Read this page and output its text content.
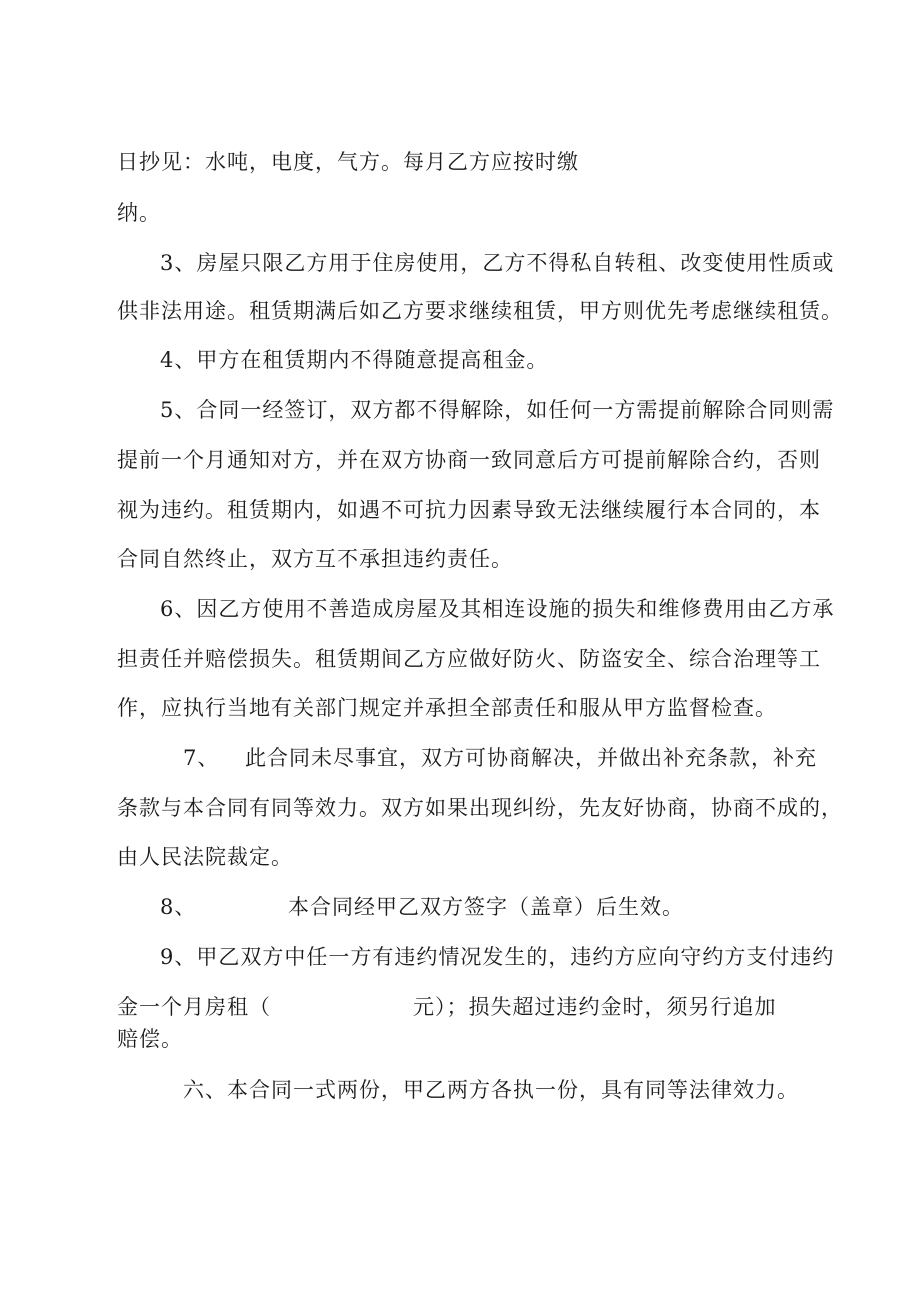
日抄见：水吨，电度，气方。每月乙方应按时缴
纳。
3、房屋只限乙方用于住房使用，乙方不得私自转租、改变使用性质或
供非法用途。租赁期满后如乙方要求继续租赁，甲方则优先考虑继续租赁。
4、甲方在租赁期内不得随意提高租金。
5、合同一经签订，双方都不得解除，如任何一方需提前解除合同则需
提前一个月通知对方，并在双方协商一致同意后方可提前解除合约，否则
视为违约。租赁期内，如遇不可抗力因素导致无法继续履行本合同的，本
合同自然终止，双方互不承担违约责任。
6、因乙方使用不善造成房屋及其相连设施的损失和维修费用由乙方承
担责任并赔偿损失。租赁期间乙方应做好防火、防盗安全、综合治理等工
作，应执行当地有关部门规定并承担全部责任和服从甲方监督检查。
7、 此合同未尽事宜，双方可协商解决，并做出补充条款，补充
条款与本合同有同等效力。双方如果出现纠纷，先友好协商，协商不成的，
由人民法院裁定。
8、	本合同经甲乙双方签字（盖章）后生效。
9、甲乙双方中任一方有违约情况发生的，违约方应向守约方支付违约
金一个月房租（	元）；损失超过违约金时，须另行追加
赔偿。
六、本合同一式两份，甲乙两方各执一份，具有同等法律效力。
